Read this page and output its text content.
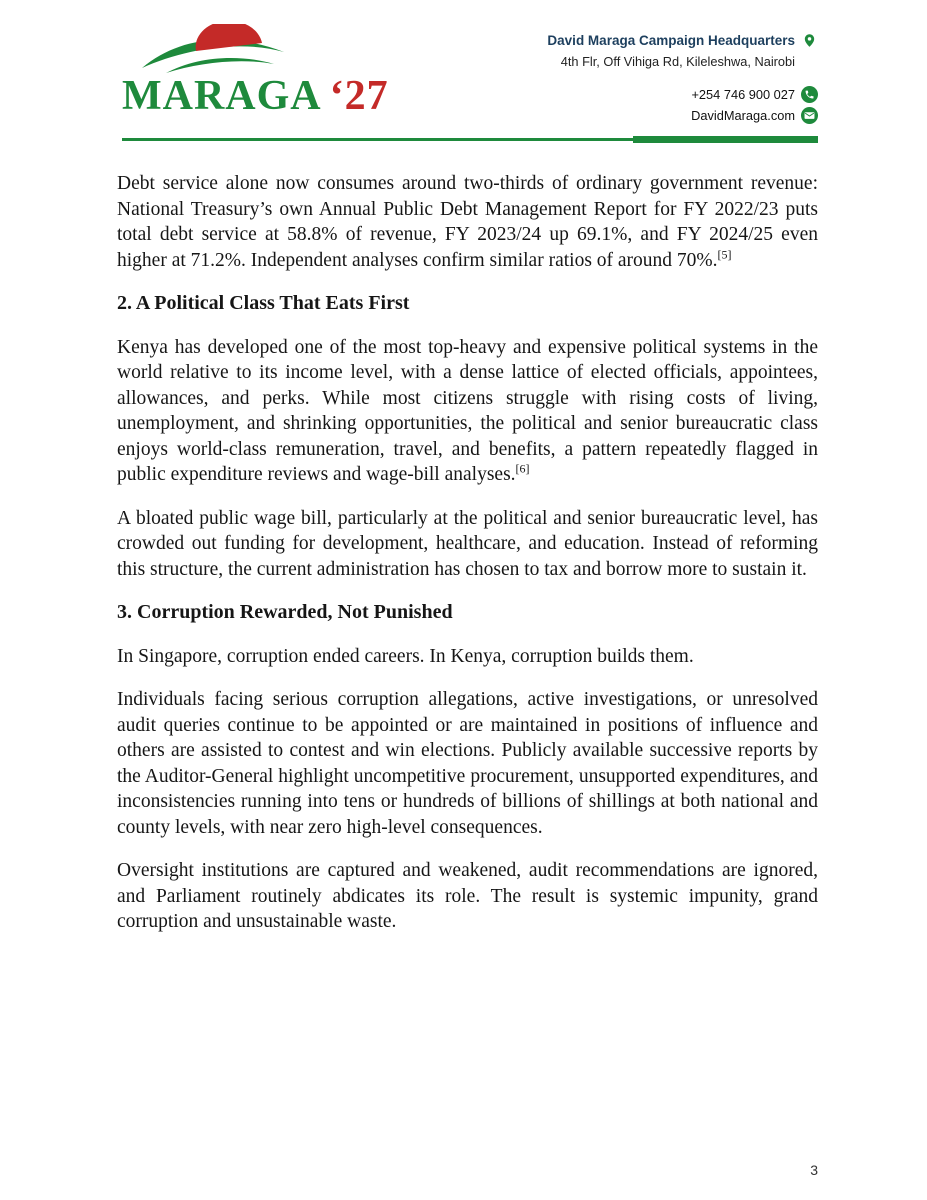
MARAGA ‘27
David Maraga Campaign Headquarters
4th Flr, Off Vihiga Rd, Kileleshwa, Nairobi
+254 746 900 027
DavidMaraga.com

Debt service alone now consumes around two-thirds of ordinary government revenue: National Treasury’s own Annual Public Debt Management Report for FY 2022/23 puts total debt service at 58.8% of revenue, FY 2023/24 up 69.1%, and FY 2024/25 even higher at 71.2%. Independent analyses confirm similar ratios of around 70%.[5]

2. A Political Class That Eats First

Kenya has developed one of the most top-heavy and expensive political systems in the world relative to its income level, with a dense lattice of elected officials, appointees, allowances, and perks. While most citizens struggle with rising costs of living, unemployment, and shrinking opportunities, the political and senior bureaucratic class enjoys world-class remuneration, travel, and benefits, a pattern repeatedly flagged in public expenditure reviews and wage-bill analyses.[6]

A bloated public wage bill, particularly at the political and senior bureaucratic level, has crowded out funding for development, healthcare, and education. Instead of reforming this structure, the current administration has chosen to tax and borrow more to sustain it.

3. Corruption Rewarded, Not Punished

In Singapore, corruption ended careers. In Kenya, corruption builds them.

Individuals facing serious corruption allegations, active investigations, or unresolved audit queries continue to be appointed or are maintained in positions of influence and others are assisted to contest and win elections. Publicly available successive reports by the Auditor-General highlight uncompetitive procurement, unsupported expenditures, and inconsistencies running into tens or hundreds of billions of shillings at both national and county levels, with near zero high-level consequences.

Oversight institutions are captured and weakened, audit recommendations are ignored, and Parliament routinely abdicates its role. The result is systemic impunity, grand corruption and unsustainable waste.

3
